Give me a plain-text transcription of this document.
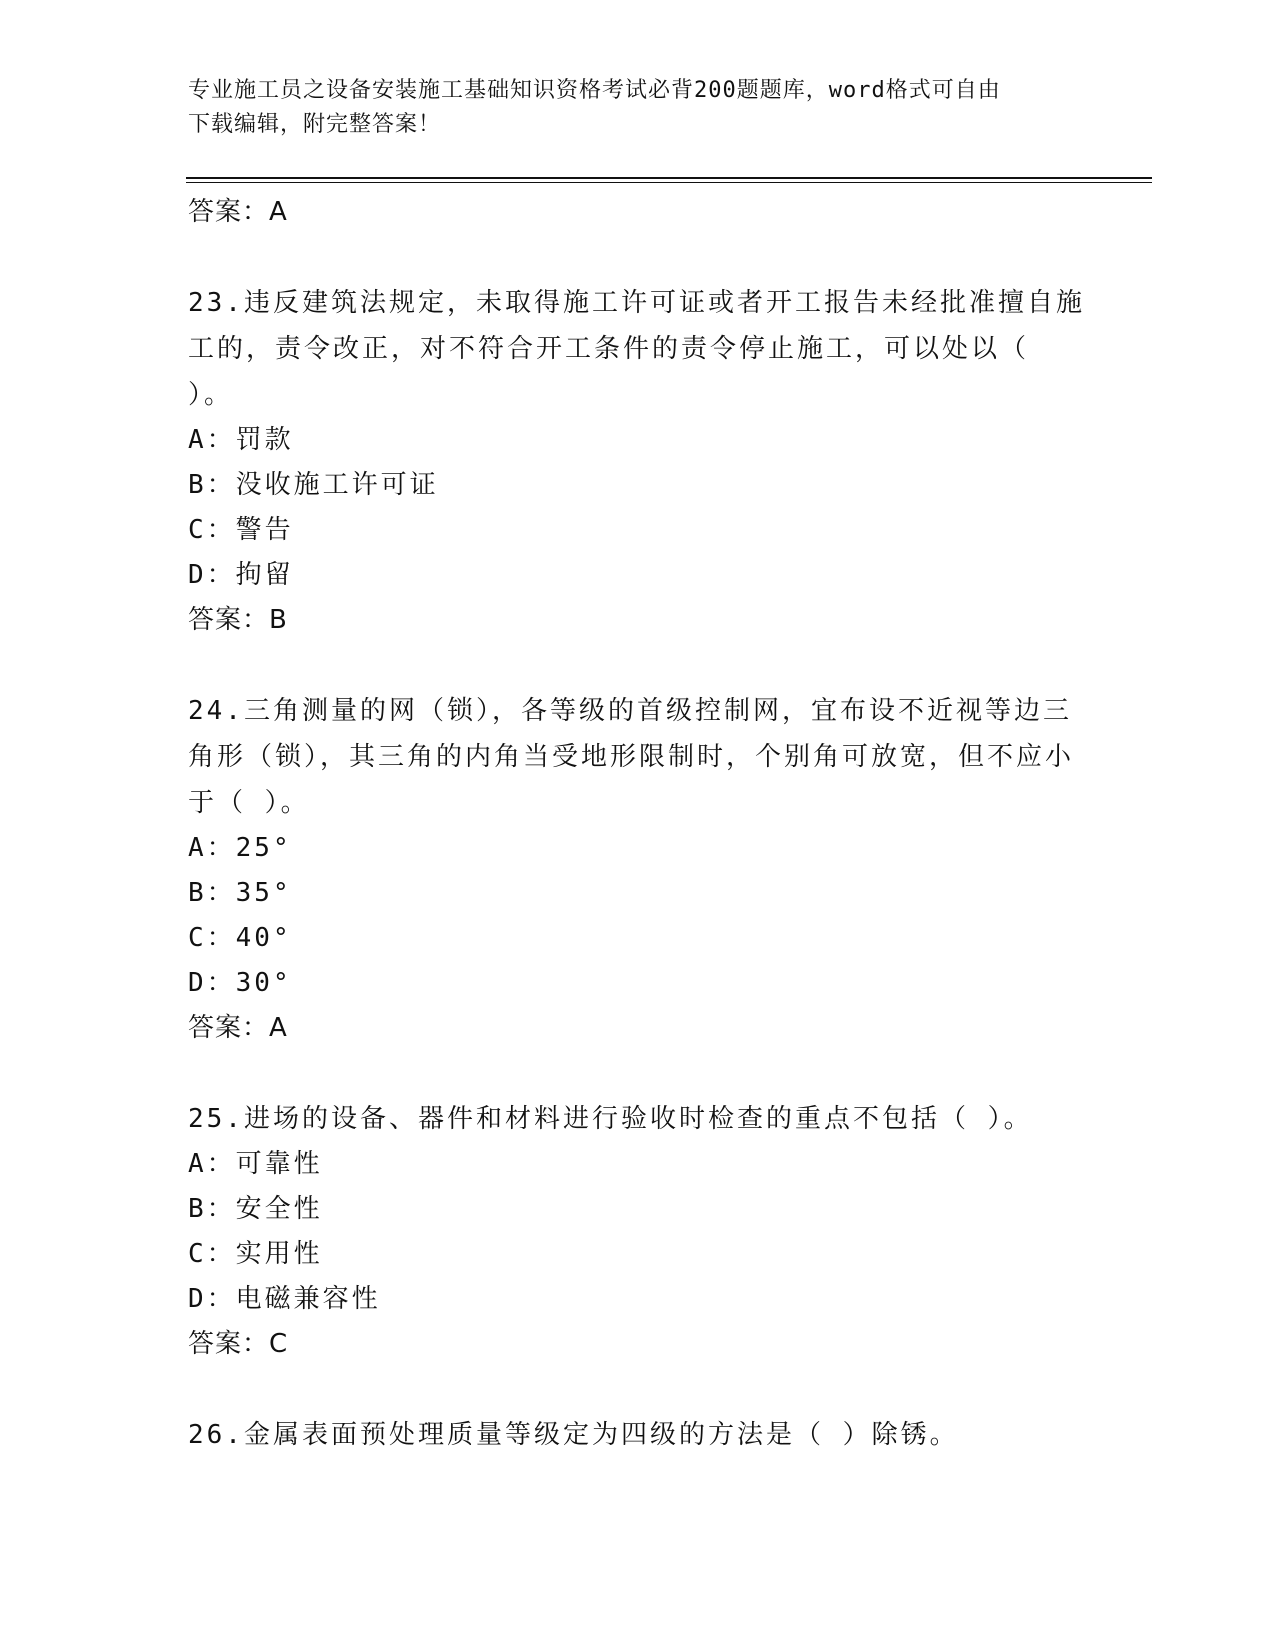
专业施工员之设备安装施工基础知识资格考试必背200题题库，word格式可自由
下载编辑，附完整答案！

答案：A

23.违反建筑法规定，未取得施工许可证或者开工报告未经批准擅自施工的，责令改正，对不符合开工条件的责令停止施工，可以处以（ ）。

A：罚款

B：没收施工许可证

C：警告

D：拘留

答案：B

24.三角测量的网（锁），各等级的首级控制网，宜布设不近视等边三角形（锁），其三角的内角当受地形限制时，个别角可放宽，但不应小于（ ）。

A：25°

B：35°

C：40°

D：30°

答案：A

25.进场的设备、器件和材料进行验收时检查的重点不包括（ ）。

A：可靠性

B：安全性

C：实用性

D：电磁兼容性

答案：C

26.金属表面预处理质量等级定为四级的方法是（ ）除锈。
